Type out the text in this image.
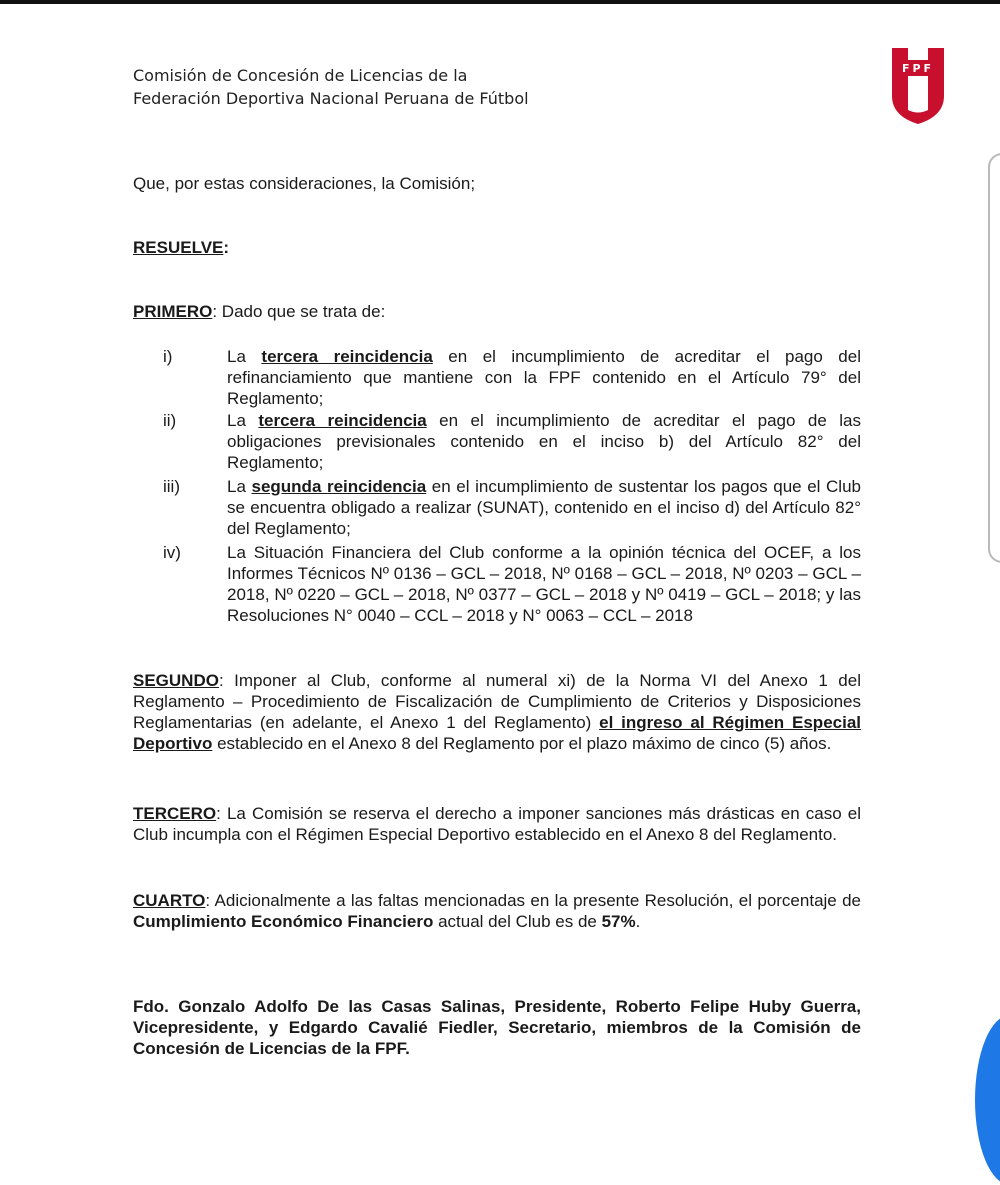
Comisión de Concesión de Licencias de la
Federación Deportiva Nacional Peruana de Fútbol
FPF

Que, por estas consideraciones, la Comisión;

RESUELVE:

PRIMERO: Dado que se trata de:

i)	La tercera reincidencia en el incumplimiento de acreditar el pago del refinanciamiento que mantiene con la FPF contenido en el Artículo 79° del Reglamento;
ii)	La tercera reincidencia en el incumplimiento de acreditar el pago de las obligaciones previsionales contenido en el inciso b) del Artículo 82° del Reglamento;
iii)	La segunda reincidencia en el incumplimiento de sustentar los pagos que el Club se encuentra obligado a realizar (SUNAT), contenido en el inciso d) del Artículo 82° del Reglamento;
iv)	La Situación Financiera del Club conforme a la opinión técnica del OCEF, a los Informes Técnicos Nº 0136 – GCL – 2018, Nº 0168 – GCL – 2018, Nº 0203 – GCL – 2018, Nº 0220 – GCL – 2018, Nº 0377 – GCL – 2018 y Nº 0419 – GCL – 2018; y las Resoluciones N° 0040 – CCL – 2018 y N° 0063 – CCL – 2018

SEGUNDO: Imponer al Club, conforme al numeral xi) de la Norma VI del Anexo 1 del Reglamento – Procedimiento de Fiscalización de Cumplimiento de Criterios y Disposiciones Reglamentarias (en adelante, el Anexo 1 del Reglamento) el ingreso al Régimen Especial Deportivo establecido en el Anexo 8 del Reglamento por el plazo máximo de cinco (5) años.

TERCERO: La Comisión se reserva el derecho a imponer sanciones más drásticas en caso el Club incumpla con el Régimen Especial Deportivo establecido en el Anexo 8 del Reglamento.

CUARTO: Adicionalmente a las faltas mencionadas en la presente Resolución, el porcentaje de Cumplimiento Económico Financiero actual del Club es de 57%.

Fdo. Gonzalo Adolfo De las Casas Salinas, Presidente, Roberto Felipe Huby Guerra, Vicepresidente, y Edgardo Cavalié Fiedler, Secretario, miembros de la Comisión de Concesión de Licencias de la FPF.
